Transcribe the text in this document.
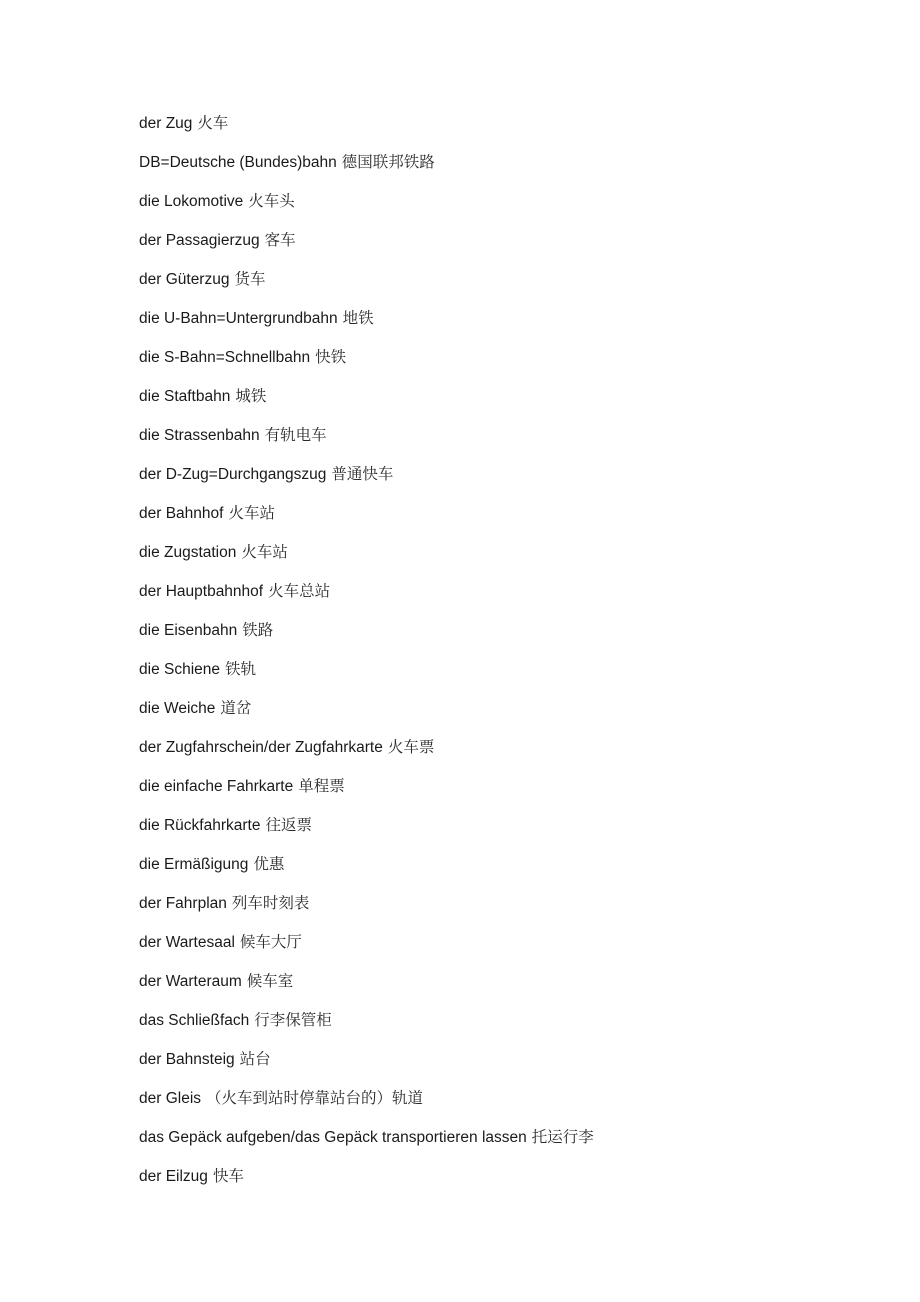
der Zug 火车
DB=Deutsche (Bundes)bahn 德国联邦铁路
die Lokomotive 火车头
der Passagierzug 客车
der Güterzug 货车
die U-Bahn=Untergrundbahn 地铁
die S-Bahn=Schnellbahn 快铁
die Staftbahn 城铁
die Strassenbahn 有轨电车
der D-Zug=Durchgangszug 普通快车
der Bahnhof 火车站
die Zugstation 火车站
der Hauptbahnhof 火车总站
die Eisenbahn 铁路
die Schiene 铁轨
die Weiche 道岔
der Zugfahrschein/der Zugfahrkarte 火车票
die einfache Fahrkarte 单程票
die Rückfahrkarte 往返票
die Ermäßigung 优惠
der Fahrplan 列车时刻表
der Wartesaal 候车大厅
der Warteraum 候车室
das Schließfach 行李保管柜
der Bahnsteig 站台
der Gleis （火车到站时停靠站台的）轨道
das Gepäck aufgeben/das Gepäck transportieren lassen 托运行李
der Eilzug 快车
